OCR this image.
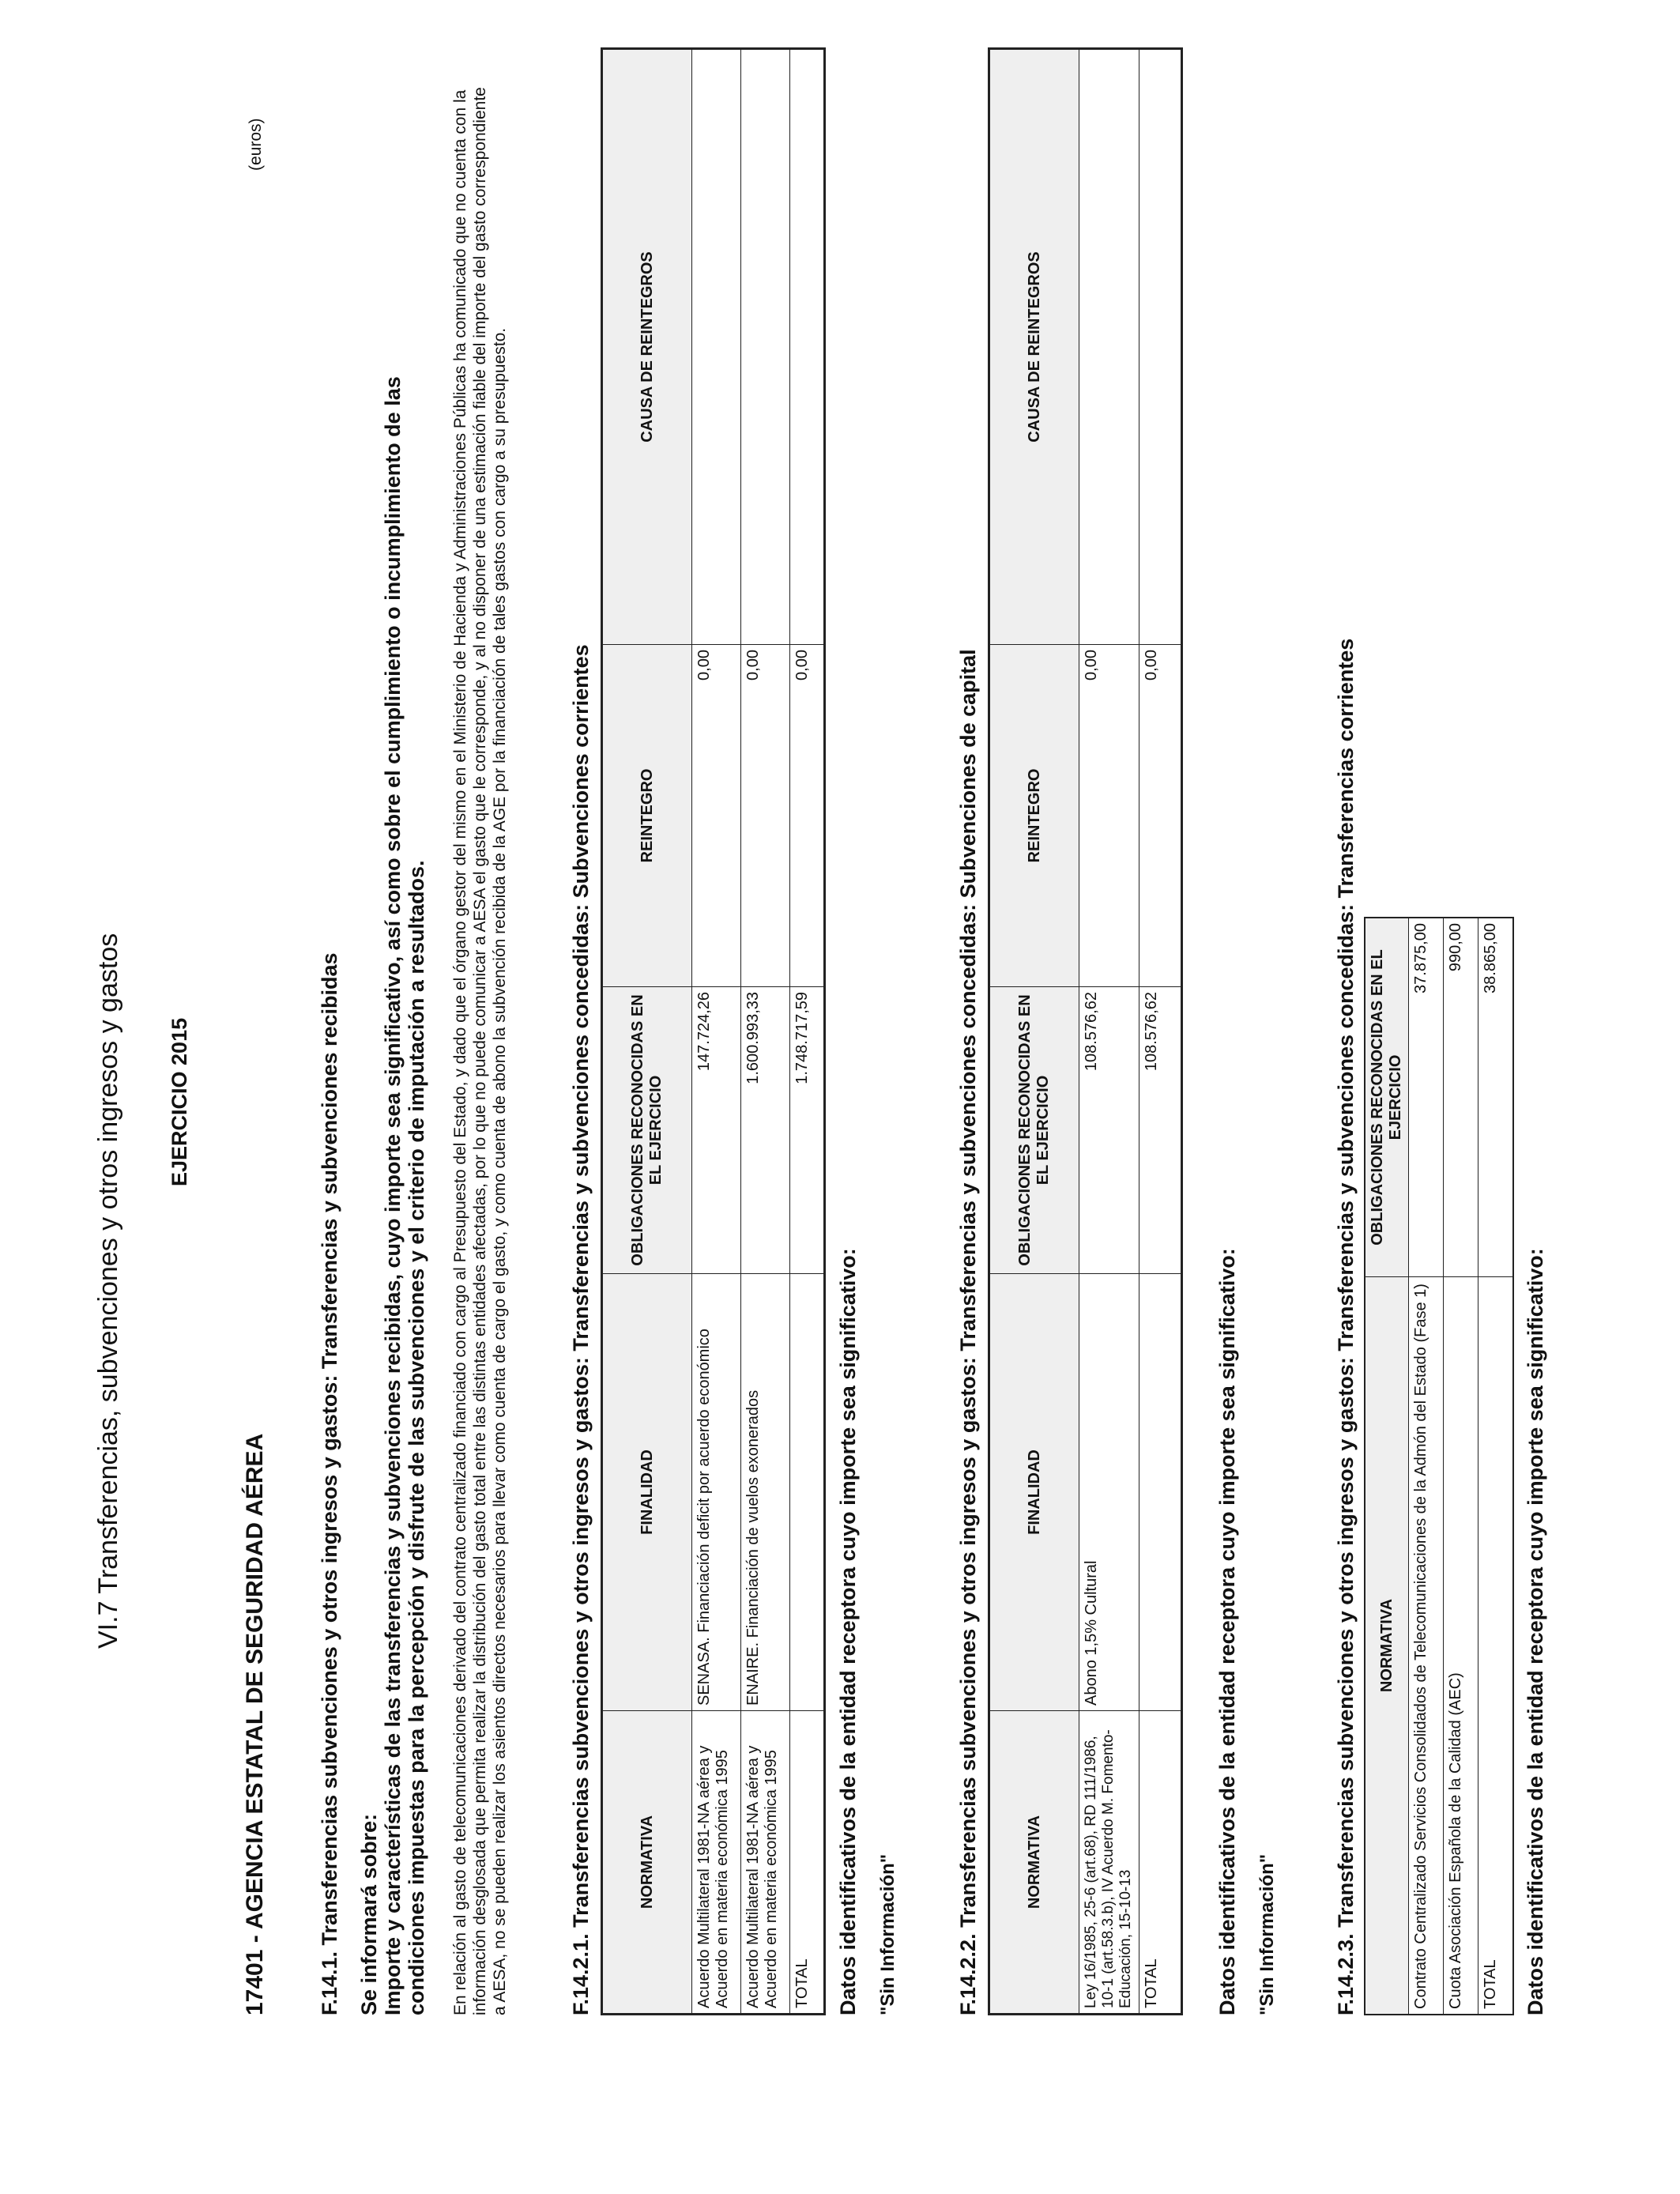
VI.7 Transferencias, subvenciones y otros ingresos y gastos EJERCICIO 2015
(euros)
17401 - AGENCIA ESTATAL DE SEGURIDAD AÉREA F.14.1. Transferencias subvenciones y otros ingresos y gastos: Transferencias y subvenciones recibidas Se informará sobre: Importe y características de las transferencias y subvenciones recibidas, cuyo importe sea significativo, así como sobre el cumplimiento o incumplimiento de las condiciones impuestas para la percepción y disfrute de las subvenciones y el criterio de imputación a resultados. En relación al gasto de telecomunicaciones derivado del contrato centralizado financiado con cargo al Presupuesto del Estado, y dado que el órgano gestor del mismo en el Ministerio de Hacienda y Administraciones Públicas ha comunicado que no cuenta con la información desglosada que permita realizar la distribución del gasto total entre las distintas entidades afectadas, por lo que no puede comunicar a AESA el gasto que le corresponde, y al no disponer de una estimación fiable del importe del gasto correspondiente a AESA, no se pueden realizar los asientos directos necesarios para llevar como cuenta de cargo el gasto, y como cuenta de abono la subvención recibida de la AGE por la financiación de tales gastos con cargo a su presupuesto.	F.14.2.1. Transferencias subvenciones y otros ingresos y gastos: Transferencias y subvenciones concedidas: Subvenciones corrientes	NORMATIVA	FINALIDAD	OBLIGACIONES RECONOCIDAS EN EL EJERCICIO	REINTEGRO	CAUSA DE REINTEGROS
Acuerdo Multilateral 1981-NA aérea y Acuerdo en materia económica 1995	SENASA. Financiación deficit por acuerdo económico	147.724,26	0,00	
Acuerdo Multilateral 1981-NA aérea y Acuerdo en materia económica 1995	ENAIRE. Financiación de vuelos exonerados	1.600.993,33	0,00	
TOTAL		1.748.717,59	0,00	
Datos identificativos de la entidad receptora cuyo importe sea significativo: "Sin Información"	F.14.2.2. Transferencias subvenciones y otros ingresos y gastos: Transferencias y subvenciones concedidas: Subvenciones de capital	NORMATIVA	FINALIDAD	OBLIGACIONES RECONOCIDAS EN EL EJERCICIO	REINTEGRO	CAUSA DE REINTEGROS
Ley 16/1985, 25-6 (art.68), RD 111/1986, 10-1 (art.58.3.b), IV Acuerdo M. Fomento-Educación, 15-10-13	Abono 1,5% Cultural	108.576,62	0,00	
TOTAL		108.576,62	0,00	
Datos identificativos de la entidad receptora cuyo importe sea significativo: "Sin Información"	F.14.2.3. Transferencias subvenciones y otros ingresos y gastos: Transferencias y subvenciones concedidas: Transferencias corrientes NORMATIVA	OBLIGACIONES RECONOCIDAS EN EL EJERCICIO
Contrato Centralizado Servicios Consolidados de Telecomunicaciones de la Admón del Estado (Fase 1)	37.875,00
Cuota Asociación Española de la Calidad (AEC)	990,00
TOTAL	38.865,00
Datos identificativos de la entidad receptora cuyo importe sea significativo:
